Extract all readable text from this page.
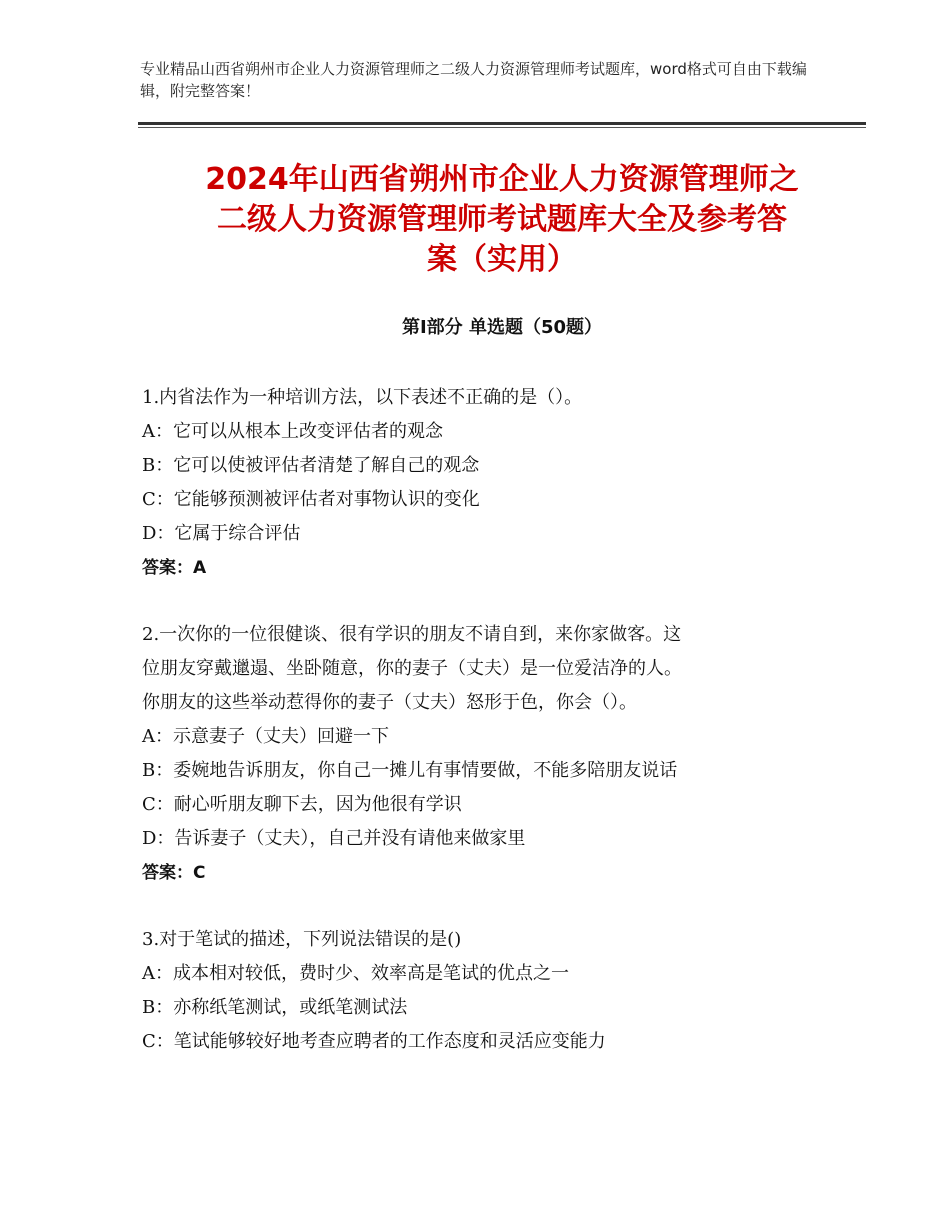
专业精品山西省朔州市企业人力资源管理师之二级人力资源管理师考试题库，word格式可自由下载编辑，附完整答案！
2024年山西省朔州市企业人力资源管理师之
二级人力资源管理师考试题库大全及参考答
案（实用）
第Ⅰ部分 单选题（50题）

1.内省法作为一种培训方法，以下表述不正确的是（）。

A：它可以从根本上改变评估者的观念

B：它可以使被评估者清楚了解自己的观念

C：它能够预测被评估者对事物认识的变化

D：它属于综合评估

答案：A

2.一次你的一位很健谈、很有学识的朋友不请自到，来你家做客。这

位朋友穿戴邋遢、坐卧随意，你的妻子（丈夫）是一位爱洁净的人。

你朋友的这些举动惹得你的妻子（丈夫）怒形于色，你会（）。

A：示意妻子（丈夫）回避一下

B：委婉地告诉朋友，你自己一摊儿有事情要做，不能多陪朋友说话

C：耐心听朋友聊下去，因为他很有学识

D：告诉妻子（丈夫），自己并没有请他来做家里

答案：C

3.对于笔试的描述，下列说法错误的是()

A：成本相对较低，费时少、效率高是笔试的优点之一

B：亦称纸笔测试，或纸笔测试法

C：笔试能够较好地考查应聘者的工作态度和灵活应变能力
